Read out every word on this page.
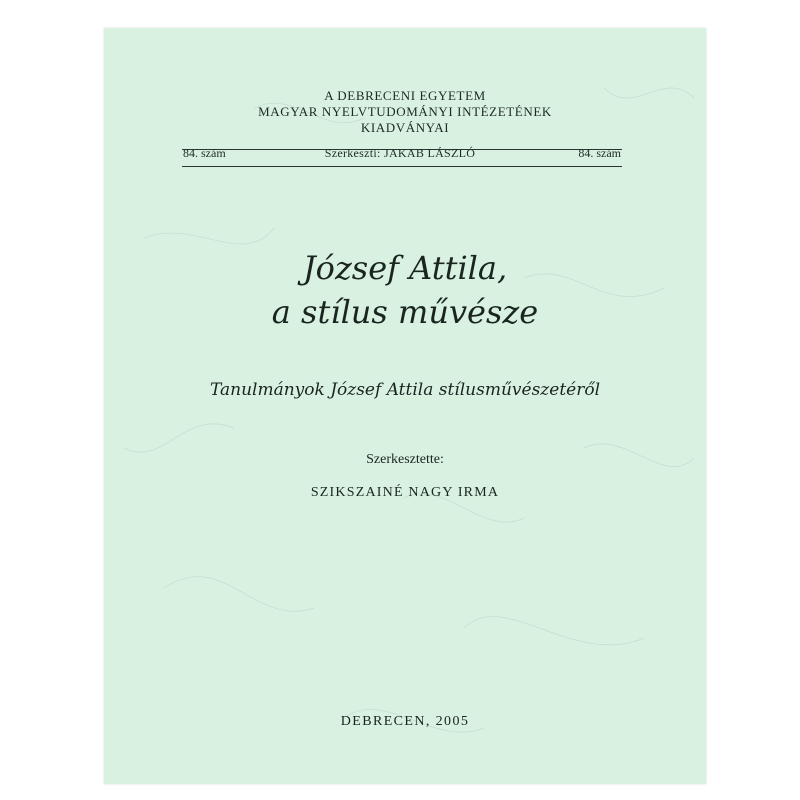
A DEBRECENI EGYETEM
MAGYAR NYELVTUDOMÁNYI INTÉZETÉNEK
KIADVÁNYAI
84. szám	Szerkeszti: JAKAB LÁSZLÓ	84. szám
József Attila,
a stílus művésze
Tanulmányok József Attila stílusművészetéről
Szerkesztette:
SZIKSZAINÉ NAGY IRMA
DEBRECEN, 2005
